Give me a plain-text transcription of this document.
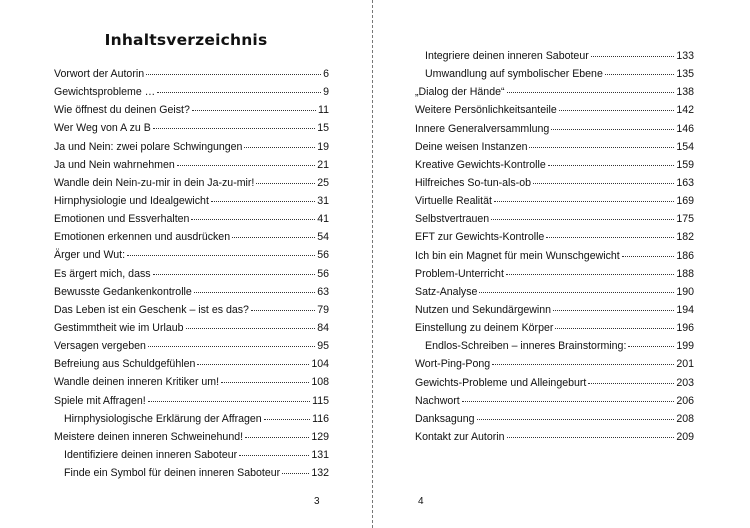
Inhaltsverzeichnis
Vorwort der Autorin	6
Gewichtsprobleme …	9
Wie öffnest du deinen Geist?	11
Wer Weg von A zu B	15
Ja und Nein: zwei polare Schwingungen	19
Ja und Nein wahrnehmen	21
Wandle dein Nein-zu-mir in dein Ja-zu-mir!	25
Hirnphysiologie und Idealgewicht	31
Emotionen und Essverhalten	41
Emotionen erkennen und ausdrücken	54
Ärger und Wut:	56
Es ärgert mich, dass	56
Bewusste Gedankenkontrolle	63
Das Leben ist ein Geschenk – ist es das?	79
Gestimmtheit wie im Urlaub	84
Versagen vergeben	95
Befreiung aus Schuldgefühlen	104
Wandle deinen inneren Kritiker um!	108
Spiele mit Affragen!	115
Hirnphysiologische Erklärung der Affragen	116
Meistere deinen inneren Schweinehund!	129
Identifiziere deinen inneren Saboteur	131
Finde ein Symbol für deinen inneren Saboteur	132
3
Integriere deinen inneren Saboteur	133
Umwandlung auf symbolischer Ebene	135
„Dialog der Hände“	138
Weitere Persönlichkeitsanteile	142
Innere Generalversammlung	146
Deine weisen Instanzen	154
Kreative Gewichts-Kontrolle	159
Hilfreiches So-tun-als-ob	163
Virtuelle Realität	169
Selbstvertrauen	175
EFT zur Gewichts-Kontrolle	182
Ich bin ein Magnet für mein Wunschgewicht	186
Problem-Unterricht	188
Satz-Analyse	190
Nutzen und Sekundärgewinn	194
Einstellung zu deinem Körper	196
Endlos-Schreiben – inneres Brainstorming:	199
Wort-Ping-Pong	201
Gewichts-Probleme und Alleingeburt	203
Nachwort	206
Danksagung	208
Kontakt zur Autorin	209
4
